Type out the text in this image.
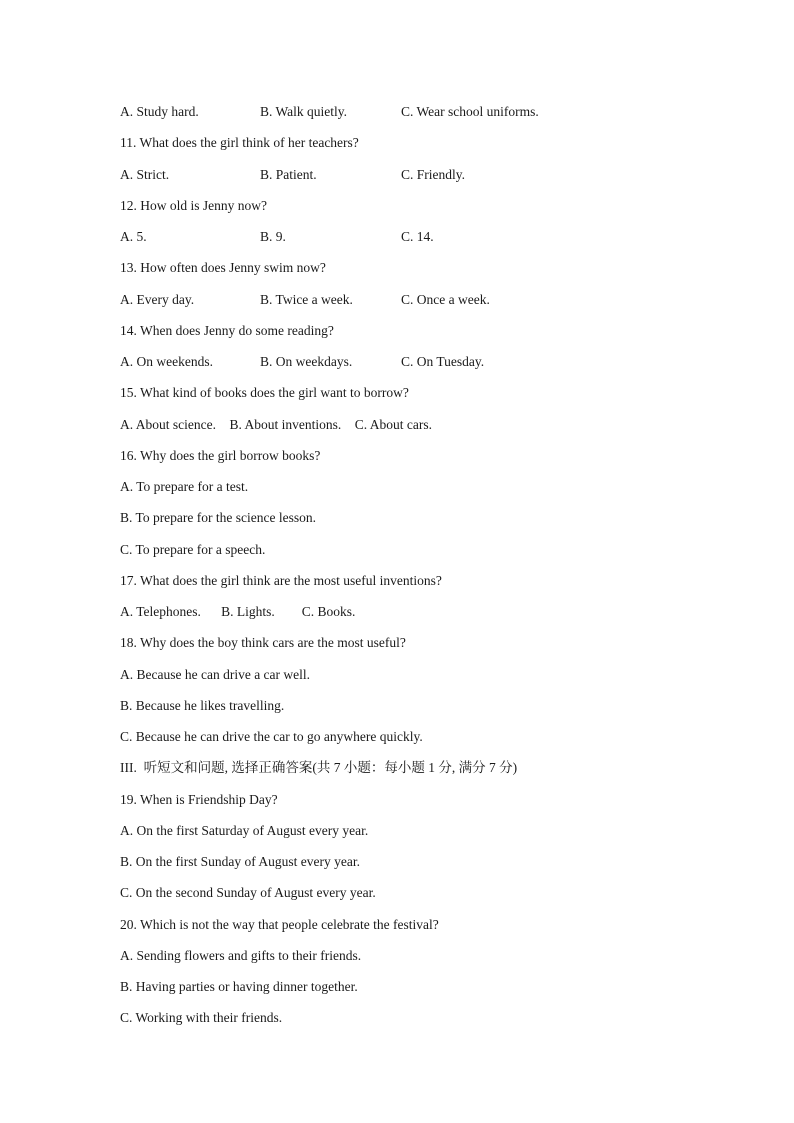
A. Study hard.	B. Walk quietly.	C. Wear school uniforms.
11. What does the girl think of her teachers?
A. Strict.	B. Patient.	C. Friendly.
12. How old is Jenny now?
A. 5.	B. 9.	C. 14.
13. How often does Jenny swim now?
A. Every day.	B. Twice a week.	C. Once a week.
14. When does Jenny do some reading?
A. On weekends.	B. On weekdays.	C. On Tuesday.
15. What kind of books does the girl want to borrow?
A. About science.    B. About inventions.    C. About cars.
16. Why does the girl borrow books?
A. To prepare for a test.
B. To prepare for the science lesson.
C. To prepare for a speech.
17. What does the girl think are the most useful inventions?
A. Telephones.      B. Lights.        C. Books.
18. Why does the boy think cars are the most useful?
A. Because he can drive a car well.
B. Because he likes travelling.
C. Because he can drive the car to go anywhere quickly.
III.  听短文和问题, 选择正确答案(共 7 小题：每小题 1 分, 满分 7 分)
19. When is Friendship Day?
A. On the first Saturday of August every year.
B. On the first Sunday of August every year.
C. On the second Sunday of August every year.
20. Which is not the way that people celebrate the festival?
A. Sending flowers and gifts to their friends.
B. Having parties or having dinner together.
C. Working with their friends.
